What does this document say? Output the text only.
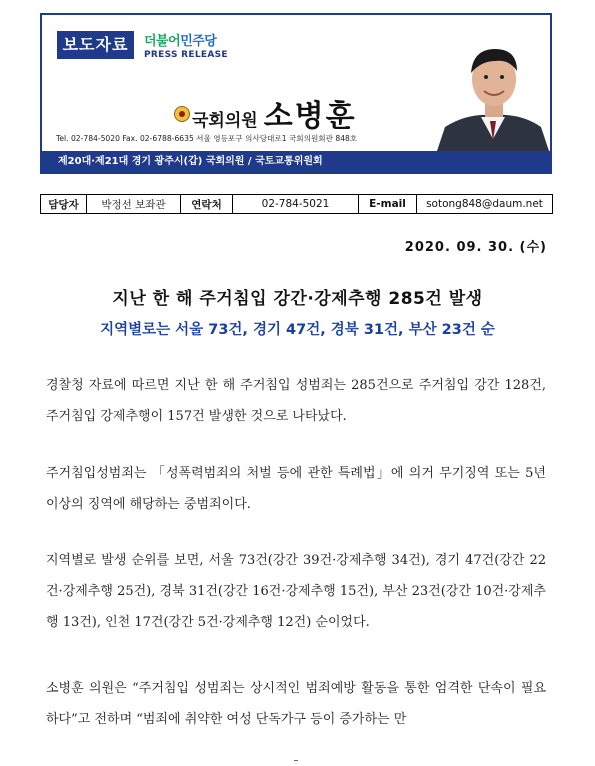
보도자료	더불어민주당
PRESS RELEASE
국회의원 소병훈
Tel. 02-784-5020 Fax. 02-6788-6635 서울 영등포구 의사당대로1 국회의원회관 848호
제20대·제21대 경기 광주시(갑) 국회의원 / 국토교통위원회
담당자	박정선 보좌관	연락처	02-784-5021	E-mail	sotong848@daum.net
2020. 09. 30. (수)
지난 한 해 주거침입 강간·강제추행 285건 발생
지역별로는 서울 73건, 경기 47건, 경북 31건, 부산 23건 순

경찰청 자료에 따르면 지난 한 해 주거침입 성범죄는 285건으로 주거침입 강간 128건, 주거침입 강제추행이 157건 발생한 것으로 나타났다.

주거침입성범죄는 「성폭력범죄의 처벌 등에 관한 특례법」에 의거 무기징역 또는 5년 이상의 징역에 해당하는 중범죄이다.

지역별로 발생 순위를 보면, 서울 73건(강간 39건·강제추행 34건), 경기 47건(강간 22건·강제추행 25건), 경북 31건(강간 16건·강제추행 15건), 부산 23건(강간 10건·강제추행 13건), 인천 17건(강간 5건·강제추행 12건) 순이었다.

소병훈 의원은 “주거침입 성범죄는 상시적인 범죄예방 활동을 통한 엄격한 단속이 필요하다”고 전하며 “범죄에 취약한 여성 단독가구 등이 증가하는 만
